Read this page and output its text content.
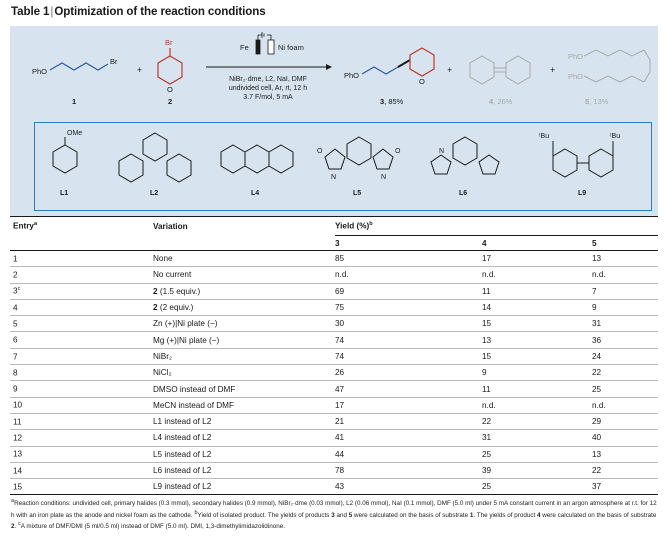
Table 1|Optimization of the reaction conditions
PhO
Br
1
+
Br
O
2
Fe	Ni foam
NiBr₂·dme, L2, NaI, DMF
undivided cell, Ar, rt, 12 h
3.7 F/mol, 5 mA
PhO
O
3, 85%
+
4, 26%
+
PhO
PhO
5, 13%
OMe
L1	L2	L4
O
N	N
O
L5
N
L6
ᵗBu	ᵗBu
L9
Entry$^a$	Variation	Yield (%)$^b$
		3	4	5
1	None	85	17	13
2	No current	n.d.	n.d.	n.d.
3$^c$	2 (1.5 equiv.)	69	11	7
4	2 (2 equiv.)	75	14	9
5	Zn (+)|Ni plate (−)	30	15	31
6	Mg (+)|Ni plate (−)	74	13	36
7	NiBr₂	74	15	24
8	NiCl₂	26	9	22
9	DMSO instead of DMF	47	11	25
10	MeCN instead of DMF	17	n.d.	n.d.
11	L1 instead of L2	21	22	29
12	L4 instead of L2	41	31	40
13	L5 instead of L2	44	25	13
14	L6 instead of L2	78	39	22
15	L9 instead of L2	43	25	37
$^a$Reaction conditions: undivided cell, primary halides (0.3 mmol), secondary halides (0.9 mmol), NiBr₂·dme (0.03 mmol), L2 (0.06 mmol), NaI (0.1 mmol), DMF (5.0 ml) under 5 mA constant current in an argon atmosphere at r.t. for 12 h with an iron plate as the anode and nickel foam as the cathode. $^b$Yield of isolated product. The yields of products 3 and 5 were calculated on the basis of substrate 1. The yields of product 4 were calculated on the basis of substrate 2. $^c$A mixture of DMF/DMI (5 ml/0.5 ml) instead of DMF (5.0 ml). DMI, 1,3-dimethylimidazolidinone.
